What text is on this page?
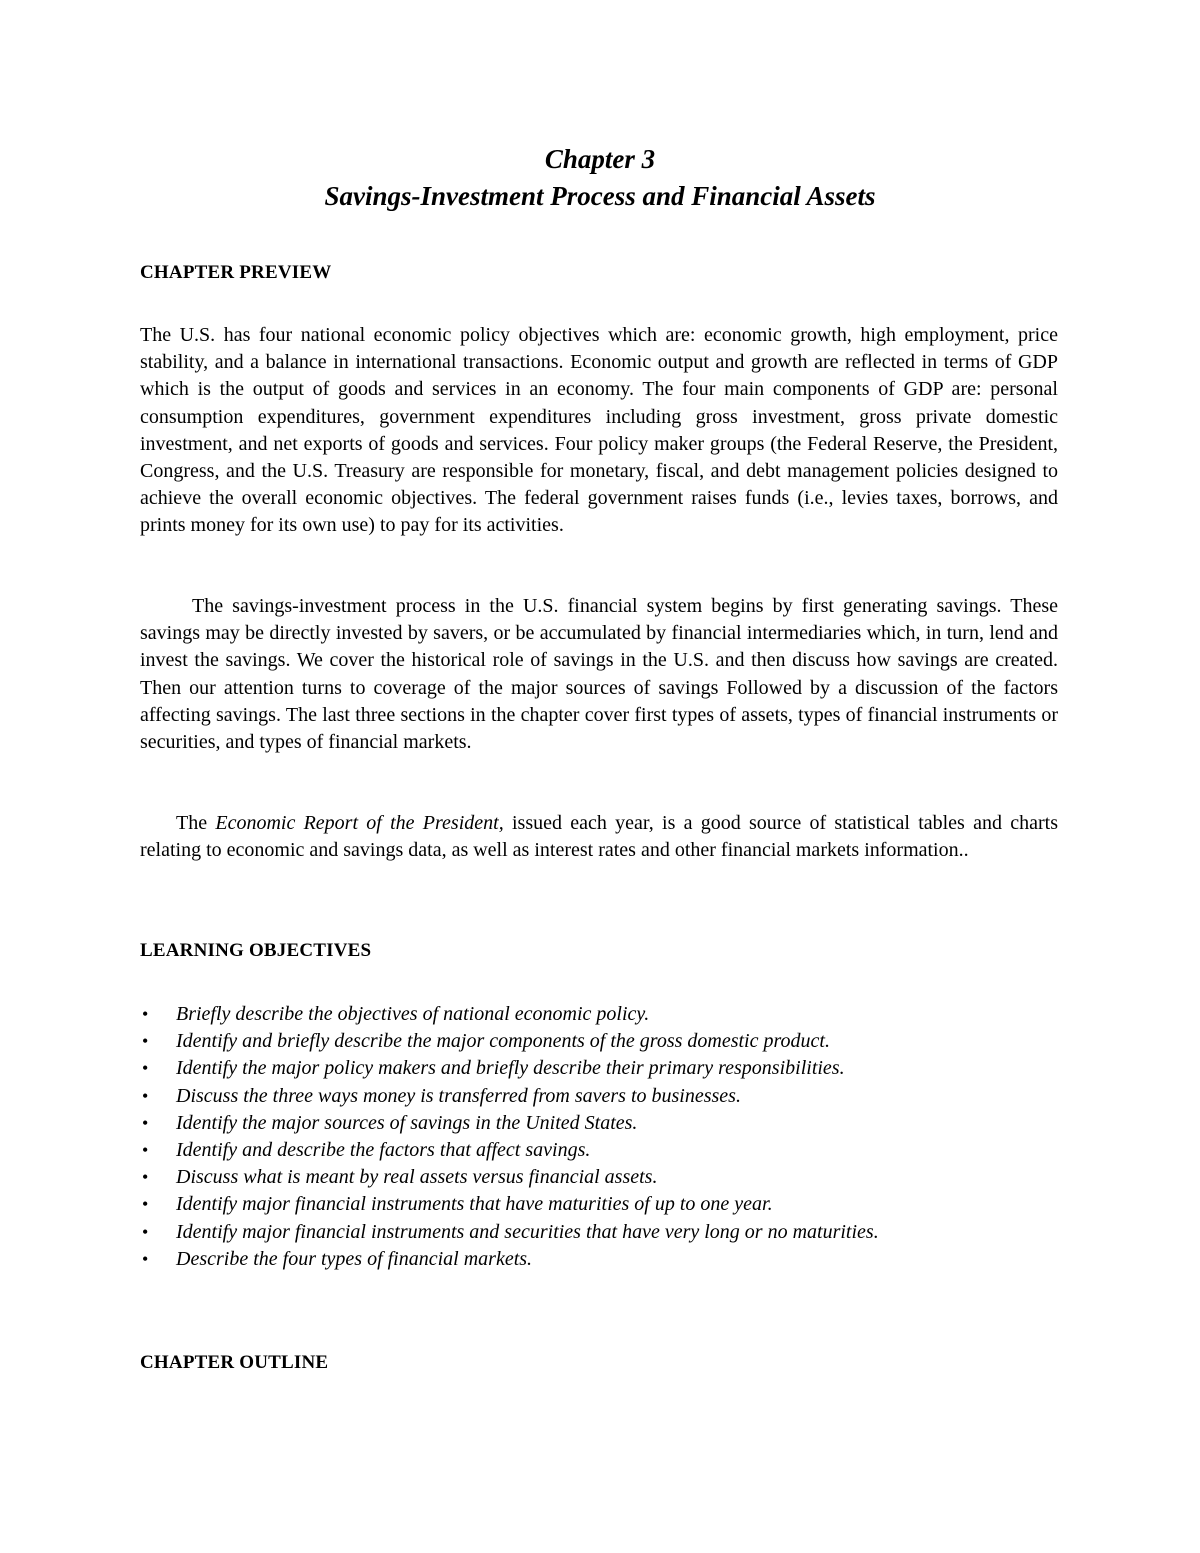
Chapter 3
Savings-Investment Process and Financial Assets
CHAPTER PREVIEW

The U.S. has four national economic policy objectives which are: economic growth, high employment, price stability, and a balance in international transactions. Economic output and growth are reflected in terms of GDP which is the output of goods and services in an economy. The four main components of GDP are: personal consumption expenditures, government expenditures including gross investment, gross private domestic investment, and net exports of goods and services. Four policy maker groups (the Federal Reserve, the President, Congress, and the U.S. Treasury are responsible for monetary, fiscal, and debt management policies designed to achieve the overall economic objectives. The federal government raises funds (i.e., levies taxes, borrows, and prints money for its own use) to pay for its activities.

The savings-investment process in the U.S. financial system begins by first generating savings. These savings may be directly invested by savers, or be accumulated by financial intermediaries which, in turn, lend and invest the savings. We cover the historical role of savings in the U.S. and then discuss how savings are created. Then our attention turns to coverage of the major sources of savings Followed by a discussion of the factors affecting savings. The last three sections in the chapter cover first types of assets, types of financial instruments or securities, and types of financial markets.

The Economic Report of the President, issued each year, is a good source of statistical tables and charts relating to economic and savings data, as well as interest rates and other financial markets information..

LEARNING OBJECTIVES
• Briefly describe the objectives of national economic policy.
• Identify and briefly describe the major components of the gross domestic product.
• Identify the major policy makers and briefly describe their primary responsibilities.
• Discuss the three ways money is transferred from savers to businesses.
• Identify the major sources of savings in the United States.
• Identify and describe the factors that affect savings.
• Discuss what is meant by real assets versus financial assets.
• Identify major financial instruments that have maturities of up to one year.
• Identify major financial instruments and securities that have very long or no maturities.
• Describe the four types of financial markets.
CHAPTER OUTLINE
